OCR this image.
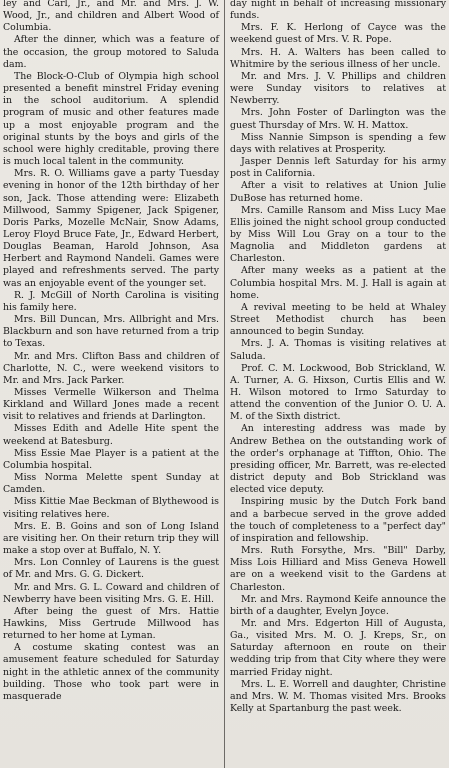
ley and Carl, Jr., and Mr. and Mrs. J. W. Wood, Jr., and children and Albert Wood of Columbia.

After the dinner, which was a feature of the occasion, the group motored to Saluda dam.

The Block-O-Club of Olympia high school presented a benefit minstrel Friday evening in the school auditorium. A splendid program of music and other features made up a most enjoyable program and the original stunts by the boys and girls of the school were highly creditable, proving there is much local talent in the community.

Mrs. R. O. Williams gave a party Tuesday evening in honor of the 12th birthday of her son, Jack. Those attending were: Elizabeth Millwood, Sammy Spigener, Jack Spigener, Doris Parks, Mozelle McNair, Snow Adams, Leroy Floyd Bruce Fate, Jr., Edward Herbert, Douglas Beaman, Harold Johnson, Asa Herbert and Raymond Nandeli. Games were played and refreshments served. The party was an enjoyable event of the younger set.

R. J. McGill of North Carolina is visiting his family here.

Mrs. Bill Duncan, Mrs. Allbright and Mrs. Blackburn and son have returned from a trip to Texas.

Mr. and Mrs. Clifton Bass and children of Charlotte, N. C., were weekend visitors to Mr. and Mrs. Jack Parker.

Misses Vermelle Wilkerson and Thelma Kirkland and Willard Jones made a recent visit to relatives and friends at Darlington.

Misses Edith and Adelle Hite spent the weekend at Batesburg.

Miss Essie Mae Player is a patient at the Columbia hospital.

Miss Norma Melette spent Sunday at Camden.

Miss Kittie Mae Beckman of Blythewood is visiting relatives here.

Mrs. E. B. Goins and son of Long Island are visiting her. On their return trip they will make a stop over at Buffalo, N. Y.

Mrs. Lon Connley of Laurens is the guest of Mr. and Mrs. G. G. Dickert.

Mr. and Mrs. G. L. Coward and children of Newberry have been visiting Mrs. G. E. Hill.

After being the guest of Mrs. Hattie Hawkins, Miss Gertrude Millwood has returned to her home at Lyman.

A costume skating contest was an amusement feature scheduled for Saturday night in the athletic annex of the community building. Those who took part were in masquerade

day night in behalf of increasing missionary funds.

Mrs. F. K. Herlong of Cayce was the weekend guest of Mrs. V. R. Pope.

Mrs. H. A. Walters has been called to Whitmire by the serious illness of her uncle.

Mr. and Mrs. J. V. Phillips and children were Sunday visitors to relatives at Newberry.

Mrs. John Foster of Darlington was the guest Thursday of Mrs. W. H. Mattox.

Miss Nannie Simpson is spending a few days with relatives at Prosperity.

Jasper Dennis left Saturday for his army post in California.

After a visit to relatives at Union Julie DuBose has returned home.

Mrs. Camille Ransom and Miss Lucy Mae Ellis joined the night school group conducted by Miss Will Lou Gray on a tour to the Magnolia and Middleton gardens at Charleston.

After many weeks as a patient at the Columbia hospital Mrs. M. J. Hall is again at home.

A revival meeting to be held at Whaley Street Methodist church has been announced to begin Sunday.

Mrs. J. A. Thomas is visiting relatives at Saluda.

Prof. C. M. Lockwood, Bob Strickland, W. A. Turner, A. G. Hixson, Curtis Ellis and W. H. Wilson motored to Irmo Saturday to attend the convention of the Junior O. U. A. M. of the Sixth district.

An interesting address was made by Andrew Bethea on the outstanding work of the order's orphanage at Tiffton, Ohio. The presiding officer, Mr. Barrett, was re-elected district deputy and Bob Strickland was elected vice deputy.

Inspiring music by the Dutch Fork band and a barbecue served in the grove added the touch of completeness to a "perfect day" of inspiration and fellowship.

Mrs. Ruth Forsythe, Mrs. "Bill" Darby, Miss Lois Hilliard and Miss Geneva Howell are on a weekend visit to the Gardens at Charleston.

Mr. and Mrs. Raymond Keife announce the birth of a daughter, Evelyn Joyce.

Mr. and Mrs. Edgerton Hill of Augusta, Ga., visited Mrs. M. O. J. Kreps, Sr., on Saturday afternoon en route on their wedding trip from that City where they were married Friday night.

Mrs. L. E. Worrell and daughter, Christine and Mrs. W. M. Thomas visited Mrs. Brooks Kelly at Spartanburg the past week.
